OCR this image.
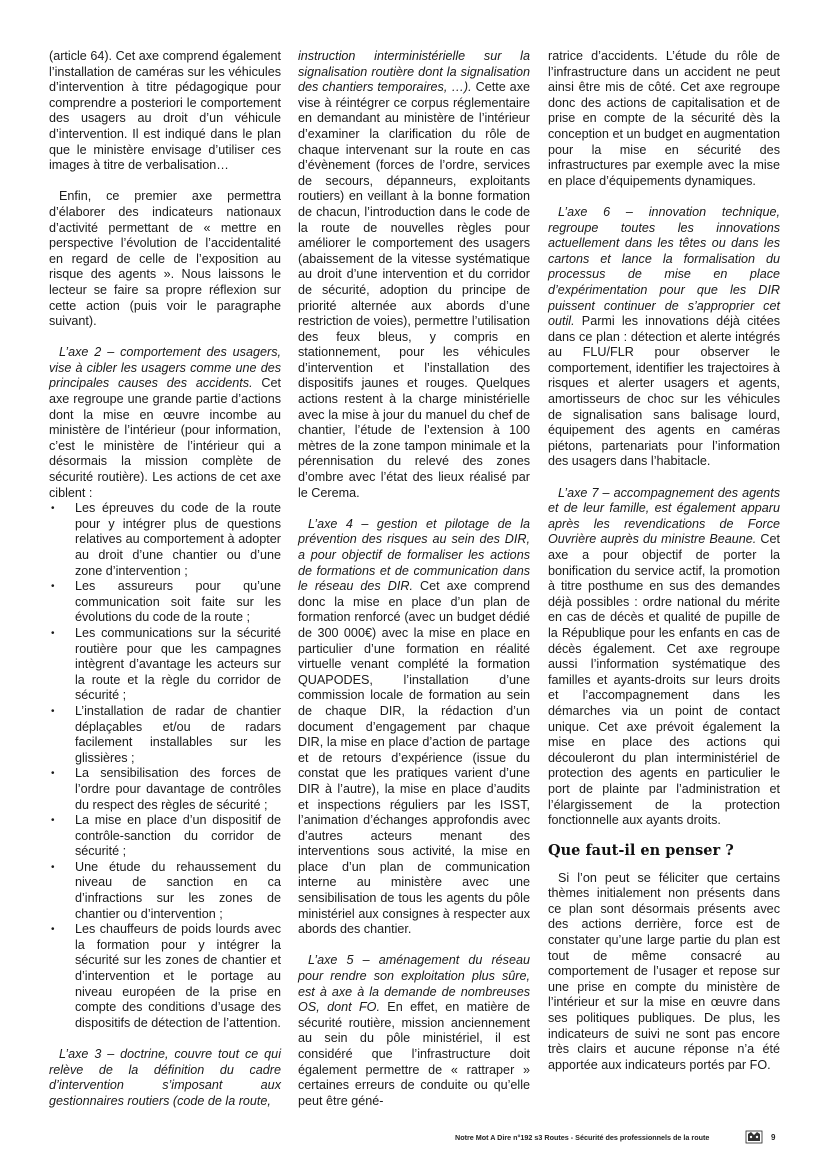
(article 64). Cet axe comprend également l’installation de caméras sur les véhicules d’intervention à titre pédagogique pour comprendre a posteriori le comportement des usagers au droit d’un véhicule d’intervention. Il est indiqué dans le plan que le ministère envisage d’utiliser ces images à titre de verbalisation…

Enfin, ce premier axe permettra d’élaborer des indicateurs nationaux d’activité permettant de « mettre en perspective l’évolution de l’accidentalité en regard de celle de l’exposition au risque des agents ». Nous laissons le lecteur se faire sa propre réflexion sur cette action (puis voir le paragraphe suivant).

L’axe 2 – comportement des usagers, vise à cibler les usagers comme une des principales causes des accidents. Cet axe regroupe une grande partie d’actions dont la mise en œuvre incombe au ministère de l’intérieur (pour information, c’est le ministère de l’intérieur qui a désormais la mission complète de sécurité routière). Les actions de cet axe ciblent :

• Les épreuves du code de la route pour y intégrer plus de questions relatives au comportement à adopter au droit d’une chantier ou d’une zone d’intervention ;
• Les assureurs pour qu’une communication soit faite sur les évolutions du code de la route ;
• Les communications sur la sécurité routière pour que les campagnes intègrent d’avantage les acteurs sur la route et la règle du corridor de sécurité ;
• L’installation de radar de chantier déplaçables et/ou de radars facilement installables sur les glissières ;
• La sensibilisation des forces de l’ordre pour davantage de contrôles du respect des règles de sécurité ;
• La mise en place d’un dispositif de contrôle-sanction du corridor de sécurité ;
• Une étude du rehaussement du niveau de sanction en ca d’infractions sur les zones de chantier ou d’intervention ;
• Les chauffeurs de poids lourds avec la formation pour y intégrer la sécurité sur les zones de chantier et d’intervention et le portage au niveau européen de la prise en compte des conditions d’usage des dispositifs de détection de l’attention.

L’axe 3 – doctrine, couvre tout ce qui relève de la définition du cadre d’intervention s’imposant aux gestionnaires routiers (code de la route,

instruction interministérielle sur la signalisation routière dont la signalisation des chantiers temporaires, …). Cette axe vise à réintégrer ce corpus réglementaire en demandant au ministère de l’intérieur d’examiner la clarification du rôle de chaque intervenant sur la route en cas d’évènement (forces de l’ordre, services de secours, dépanneurs, exploitants routiers) en veillant à la bonne formation de chacun, l’introduction dans le code de la route de nouvelles règles pour améliorer le comportement des usagers (abaissement de la vitesse systématique au droit d’une intervention et du corridor de sécurité, adoption du principe de priorité alternée aux abords d’une restriction de voies), permettre l’utilisation des feux bleus, y compris en stationnement, pour les véhicules d’intervention et l’installation des dispositifs jaunes et rouges. Quelques actions restent à la charge ministérielle avec la mise à jour du manuel du chef de chantier, l’étude de l’extension à 100 mètres de la zone tampon minimale et la pérennisation du relevé des zones d’ombre avec l’état des lieux réalisé par le Cerema.

L’axe 4 – gestion et pilotage de la prévention des risques au sein des DIR, a pour objectif de formaliser les actions de formations et de communication dans le réseau des DIR. Cet axe comprend donc la mise en place d’un plan de formation renforcé (avec un budget dédié de 300 000€) avec la mise en place en particulier d’une formation en réalité virtuelle venant complété la formation QUAPODES, l’installation d’une commission locale de formation au sein de chaque DIR, la rédaction d’un document d’engagement par chaque DIR, la mise en place d’action de partage et de retours d’expérience (issue du constat que les pratiques varient d’une DIR à l’autre), la mise en place d’audits et inspections réguliers par les ISST, l’animation d’échanges approfondis avec d’autres acteurs menant des interventions sous activité, la mise en place d’un plan de communication interne au ministère avec une sensibilisation de tous les agents du pôle ministériel aux consignes à respecter aux abords des chantier.

L’axe 5 – aménagement du réseau pour rendre son exploitation plus sûre, est à axe à la demande de nombreuses OS, dont FO. En effet, en matière de sécurité routière, mission anciennement au sein du pôle ministériel, il est considéré que l’infrastructure doit également permettre de « rattraper » certaines erreurs de conduite ou qu’elle peut être géné-

ratrice d’accidents. L’étude du rôle de l’infrastructure dans un accident ne peut ainsi être mis de côté. Cet axe regroupe donc des actions de capitalisation et de prise en compte de la sécurité dès la conception et un budget en augmentation pour la mise en sécurité des infrastructures par exemple avec la mise en place d’équipements dynamiques.

L’axe 6 – innovation technique, regroupe toutes les innovations actuellement dans les têtes ou dans les cartons et lance la formalisation du processus de mise en place d’expérimentation pour que les DIR puissent continuer de s’approprier cet outil. Parmi les innovations déjà citées dans ce plan : détection et alerte intégrés au FLU/FLR pour observer le comportement, identifier les trajectoires à risques et alerter usagers et agents, amortisseurs de choc sur les véhicules de signalisation sans balisage lourd, équipement des agents en caméras piétons, partenariats pour l’information des usagers dans l’habitacle.

L’axe 7 – accompagnement des agents et de leur famille, est également apparu après les revendications de Force Ouvrière auprès du ministre Beaune. Cet axe a pour objectif de porter la bonification du service actif, la promotion à titre posthume en sus des demandes déjà possibles : ordre national du mérite en cas de décès et qualité de pupille de la République pour les enfants en cas de décès également. Cet axe regroupe aussi l’information systématique des familles et ayants-droits sur leurs droits et l’accompagnement dans les démarches via un point de contact unique. Cet axe prévoit également la mise en place des actions qui découleront du plan interministériel de protection des agents en particulier le port de plainte par l’administration et l’élargissement de la protection fonctionnelle aux ayants droits.

Que faut-il en penser ?

Si l’on peut se féliciter que certains thèmes initialement non présents dans ce plan sont désormais présents avec des actions derrière, force est de constater qu’une large partie du plan est tout de même consacré au comportement de l’usager et repose sur une prise en compte du ministère de l’intérieur et sur la mise en œuvre dans ses politiques publiques. De plus, les indicateurs de suivi ne sont pas encore très clairs et aucune réponse n’a été apportée aux indicateurs portés par FO.

Notre Mot A Dire n°192 s3 Routes - Sécurité des professionnels de la route	9
